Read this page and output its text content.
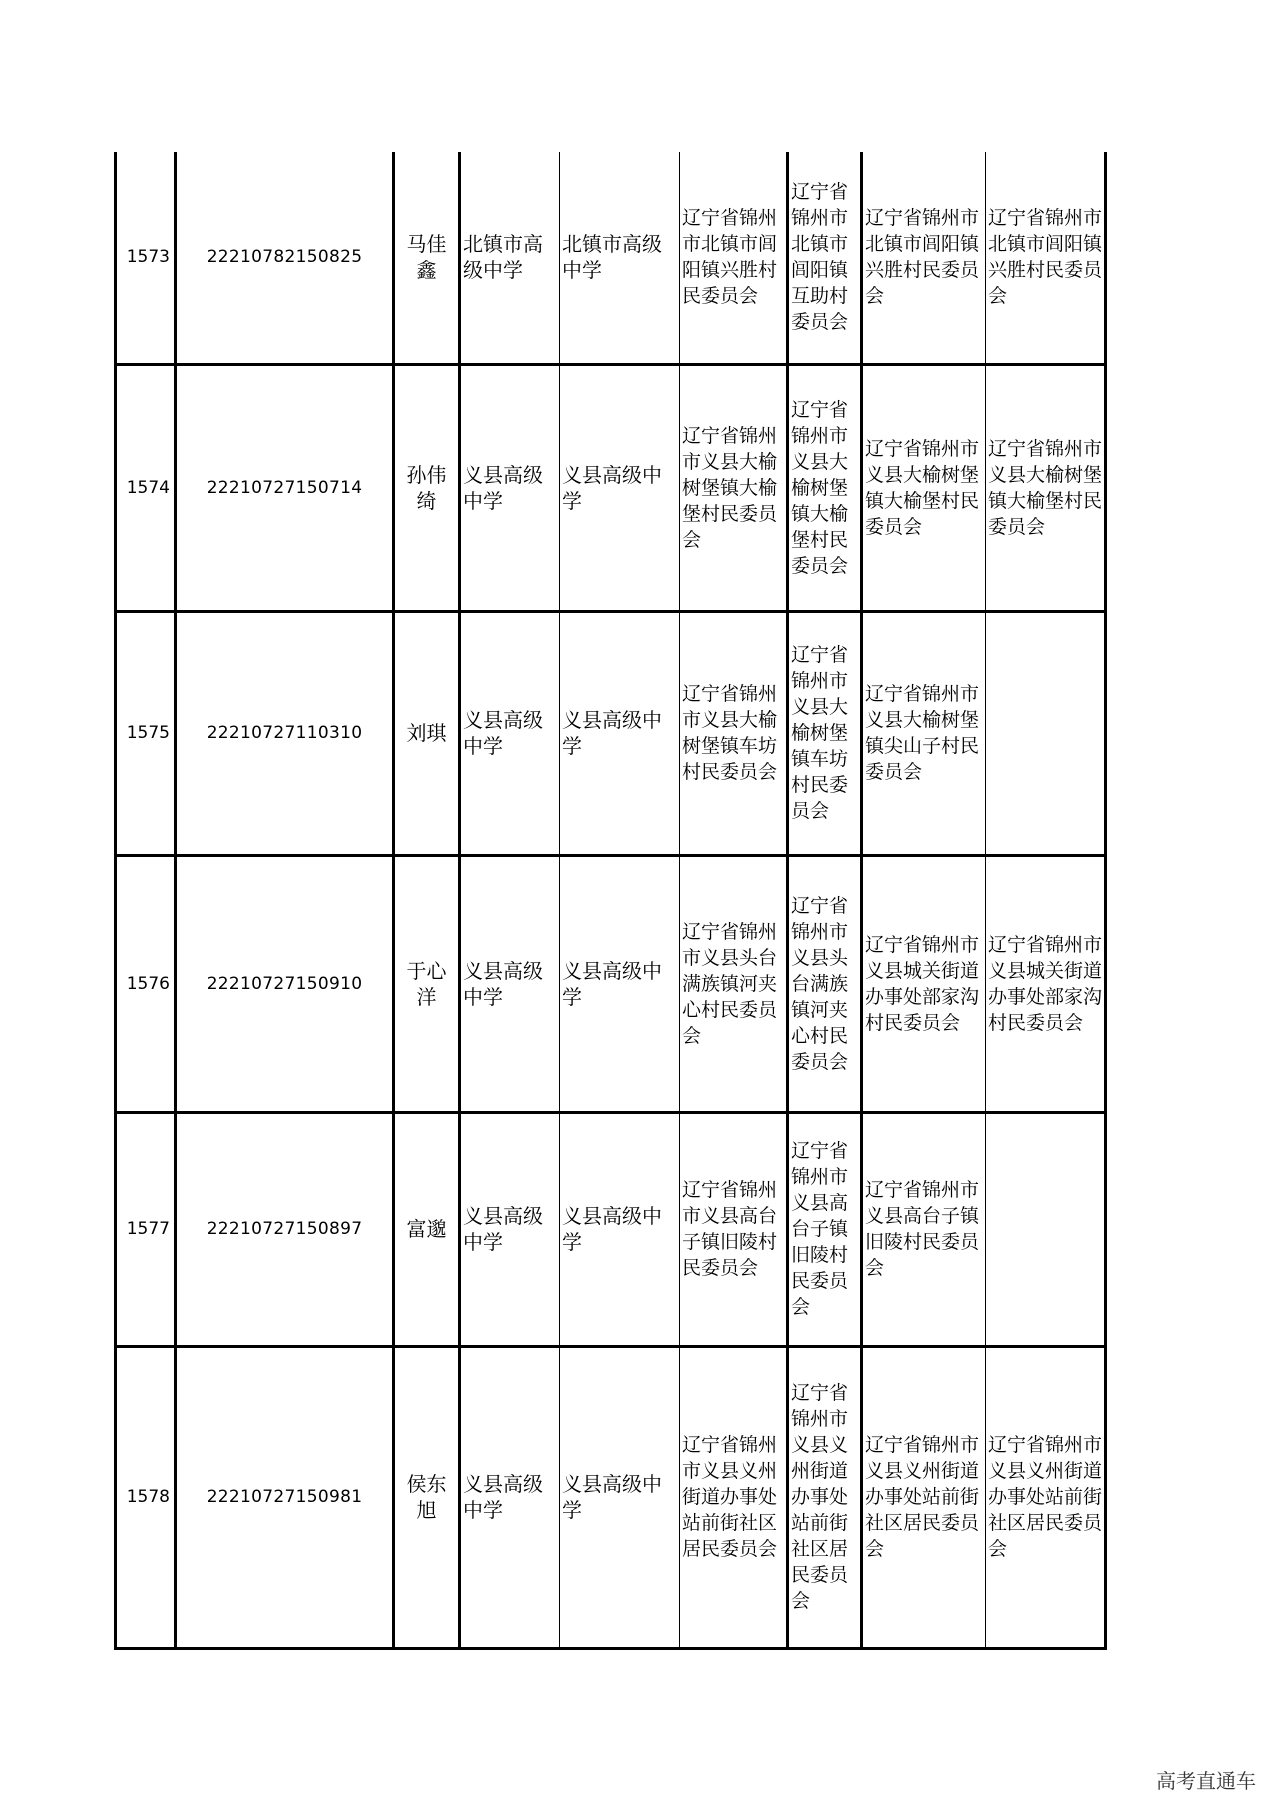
1573	22210782150825	马佳鑫	北镇市高级中学	北镇市高级中学	辽宁省锦州市北镇市闾阳镇兴胜村民委员会	辽宁省锦州市北镇市闾阳镇互助村委员会	辽宁省锦州市北镇市闾阳镇兴胜村民委员会	辽宁省锦州市北镇市闾阳镇兴胜村民委员会
1574	22210727150714	孙伟绮	义县高级中学	义县高级中学	辽宁省锦州市义县大榆树堡镇大榆堡村民委员会	辽宁省锦州市义县大榆树堡镇大榆堡村民委员会	辽宁省锦州市义县大榆树堡镇大榆堡村民委员会	辽宁省锦州市义县大榆树堡镇大榆堡村民委员会
1575	22210727110310	刘琪	义县高级中学	义县高级中学	辽宁省锦州市义县大榆树堡镇车坊村民委员会	辽宁省锦州市义县大榆树堡镇车坊村民委员会	辽宁省锦州市义县大榆树堡镇尖山子村民委员会	
1576	22210727150910	于心洋	义县高级中学	义县高级中学	辽宁省锦州市义县头台满族镇河夹心村民委员会	辽宁省锦州市义县头台满族镇河夹心村民委员会	辽宁省锦州市义县城关街道办事处部家沟村民委员会	辽宁省锦州市义县城关街道办事处部家沟村民委员会
1577	22210727150897	富邈	义县高级中学	义县高级中学	辽宁省锦州市义县高台子镇旧陵村民委员会	辽宁省锦州市义县高台子镇旧陵村民委员会	辽宁省锦州市义县高台子镇旧陵村民委员会	
1578	22210727150981	侯东旭	义县高级中学	义县高级中学	辽宁省锦州市义县义州街道办事处站前街社区居民委员会	辽宁省锦州市义县义州街道办事处站前街社区居民委员会	辽宁省锦州市义县义州街道办事处站前街社区居民委员会	辽宁省锦州市义县义州街道办事处站前街社区居民委员会
高考直通车
